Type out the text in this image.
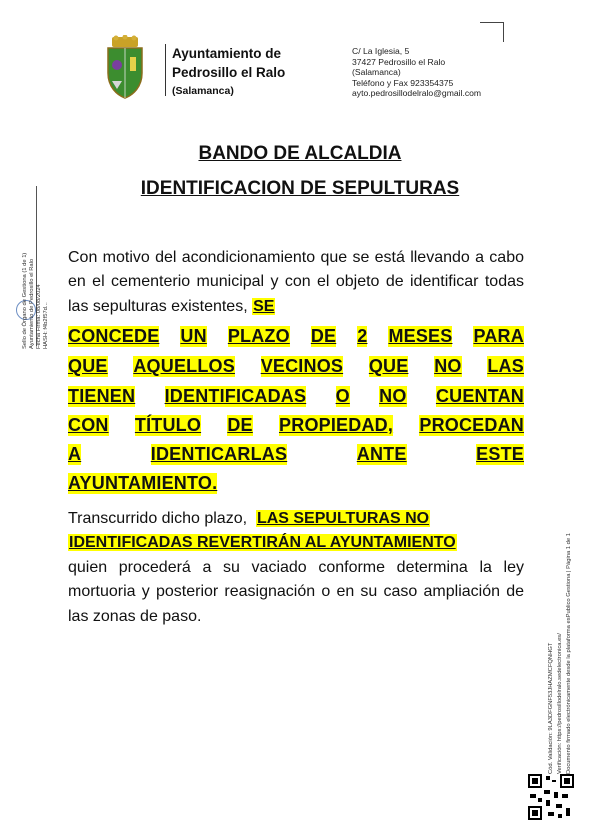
Ayuntamiento de
Pedrosillo el Ralo
(Salamanca)
C/ La Iglesia, 5
37427 Pedrosillo el Ralo
(Salamanca)
Teléfono y Fax 923354375
ayto.pedrosillodelralo@gmail.com
BANDO DE ALCALDIA
IDENTIFICACION DE SEPULTURAS
Con motivo del acondicionamiento que se está llevando a cabo en el cementerio municipal y con el objeto de identificar todas las sepulturas existentes, SE
CONCEDE UN PLAZO DE 2 MESES PARA
QUE AQUELLOS VECINOS QUE NO LAS
TIENEN IDENTIFICADAS O NO CUENTAN
CON TÍTULO DE PROPIEDAD, PROCEDAN
A	IDENTICARLAS	ANTE	ESTE
AYUNTAMIENTO.
Transcurrido dicho plazo, LAS SEPULTURAS NO
IDENTIFICADAS REVERTIRÁN AL AYUNTAMIENTO
quien procederá a su vaciado conforme determina la ley mortuoria y posterior reasignación o en su caso ampliación de las zonas de paso.
Sello de Órgano de Gestiona (1 de 1) Ayuntamiento de Pedrosillo el Ralo Fecha Firma: 08/08/2024 HASH: f4b2f57d...
Cód. Validación: 9LA3DFGNF53JHAZMCFQNHGT Verificación: https://pedrosillodelralo.sedelectronica.es/ Documento firmado electrónicamente desde la plataforma esPublico Gestiona | Página 1 de 1
